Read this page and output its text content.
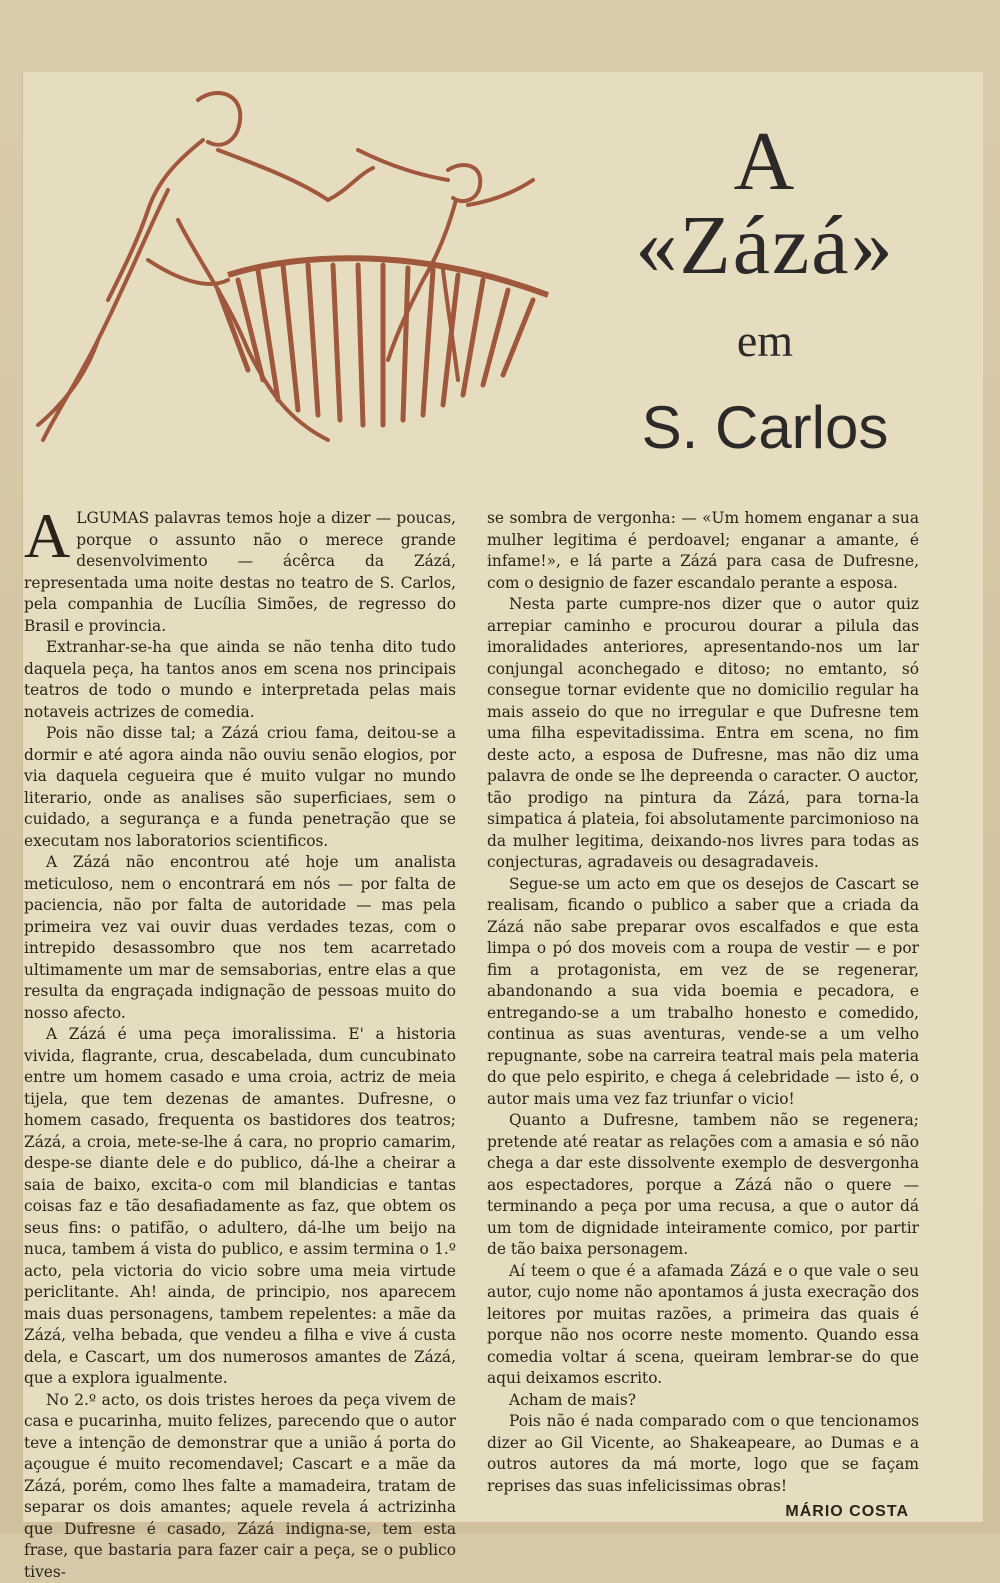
A «Zázá»
em
S. Carlos

ALGUMAS palavras temos hoje a dizer — poucas, porque o assunto não o merece grande desenvolvimento — ácêrca da Zázá, representada uma noite destas no teatro de S. Carlos, pela companhia de Lucília Simões, de regresso do Brasil e provincia.

Extranhar-se-ha que ainda se não tenha dito tudo daquela peça, ha tantos anos em scena nos principais teatros de todo o mundo e interpretada pelas mais notaveis actrizes de comedia.

Pois não disse tal; a Zázá criou fama, deitou-se a dormir e até agora ainda não ouviu senão elogios, por via daquela cegueira que é muito vulgar no mundo literario, onde as analises são superficiaes, sem o cuidado, a segurança e a funda penetração que se executam nos laboratorios scientificos.

A Zázá não encontrou até hoje um analista meticuloso, nem o encontrará em nós — por falta de paciencia, não por falta de autoridade — mas pela primeira vez vai ouvir duas verdades tezas, com o intrepido desassombro que nos tem acarretado ultimamente um mar de semsaborias, entre elas a que resulta da engraçada indignação de pessoas muito do nosso afecto.

A Zázá é uma peça imoralissima. E' a historia vivida, flagrante, crua, descabelada, dum cuncubinato entre um homem casado e uma croia, actriz de meia tijela, que tem dezenas de amantes. Dufresne, o homem casado, frequenta os bastidores dos teatros; Zázá, a croia, mete-se-lhe á cara, no proprio camarim, despe-se diante dele e do publico, dá-lhe a cheirar a saia de baixo, excita-o com mil blandicias e tantas coisas faz e tão desafiadamente as faz, que obtem os seus fins: o patifão, o adultero, dá-lhe um beijo na nuca, tambem á vista do publico, e assim termina o 1.º acto, pela victoria do vicio sobre uma meia virtude periclitante. Ah! ainda, de principio, nos aparecem mais duas personagens, tambem repelentes: a mãe da Zázá, velha bebada, que vendeu a filha e vive á custa dela, e Cascart, um dos numerosos amantes de Zázá, que a explora igualmente.

No 2.º acto, os dois tristes heroes da peça vivem de casa e pucarinha, muito felizes, parecendo que o autor teve a intenção de demonstrar que a união á porta do açougue é muito recomendavel; Cascart e a mãe da Zázá, porém, como lhes falte a mamadeira, tratam de separar os dois amantes; aquele revela á actrizinha que Dufresne é casado, Zázá indigna-se, tem esta frase, que bastaria para fazer cair a peça, se o publico tives-

se sombra de vergonha: — «Um homem enganar a sua mulher legitima é perdoavel; enganar a amante, é infame!», e lá parte a Zázá para casa de Dufresne, com o designio de fazer escandalo perante a esposa.

Nesta parte cumpre-nos dizer que o autor quiz arrepiar caminho e procurou dourar a pilula das imoralidades anteriores, apresentando-nos um lar conjungal aconchegado e ditoso; no emtanto, só consegue tornar evidente que no domicilio regular ha mais asseio do que no irregular e que Dufresne tem uma filha espevitadissima. Entra em scena, no fim deste acto, a esposa de Dufresne, mas não diz uma palavra de onde se lhe depreenda o caracter. O auctor, tão prodigo na pintura da Zázá, para torna-la simpatica á plateia, foi absolutamente parcimonioso na da mulher legitima, deixando-nos livres para todas as conjecturas, agradaveis ou desagradaveis.

Segue-se um acto em que os desejos de Cascart se realisam, ficando o publico a saber que a criada da Zázá não sabe preparar ovos escalfados e que esta limpa o pó dos moveis com a roupa de vestir — e por fim a protagonista, em vez de se regenerar, abandonando a sua vida boemia e pecadora, e entregando-se a um trabalho honesto e comedido, continua as suas aventuras, vende-se a um velho repugnante, sobe na carreira teatral mais pela materia do que pelo espirito, e chega á celebridade — isto é, o autor mais uma vez faz triunfar o vicio!

Quanto a Dufresne, tambem não se regenera; pretende até reatar as relações com a amasia e só não chega a dar este dissolvente exemplo de desvergonha aos espectadores, porque a Zázá não o quere — terminando a peça por uma recusa, a que o autor dá um tom de dignidade inteiramente comico, por partir de tão baixa personagem.

Aí teem o que é a afamada Zázá e o que vale o seu autor, cujo nome não apontamos á justa execração dos leitores por muitas razões, a primeira das quais é porque não nos ocorre neste momento. Quando essa comedia voltar á scena, queiram lembrar-se do que aqui deixamos escrito.

Acham de mais?

Pois não é nada comparado com o que tencionamos dizer ao Gil Vicente, ao Shakeapeare, ao Dumas e a outros autores da má morte, logo que se façam reprises das suas infelicissimas obras!

MÁRIO COSTA
